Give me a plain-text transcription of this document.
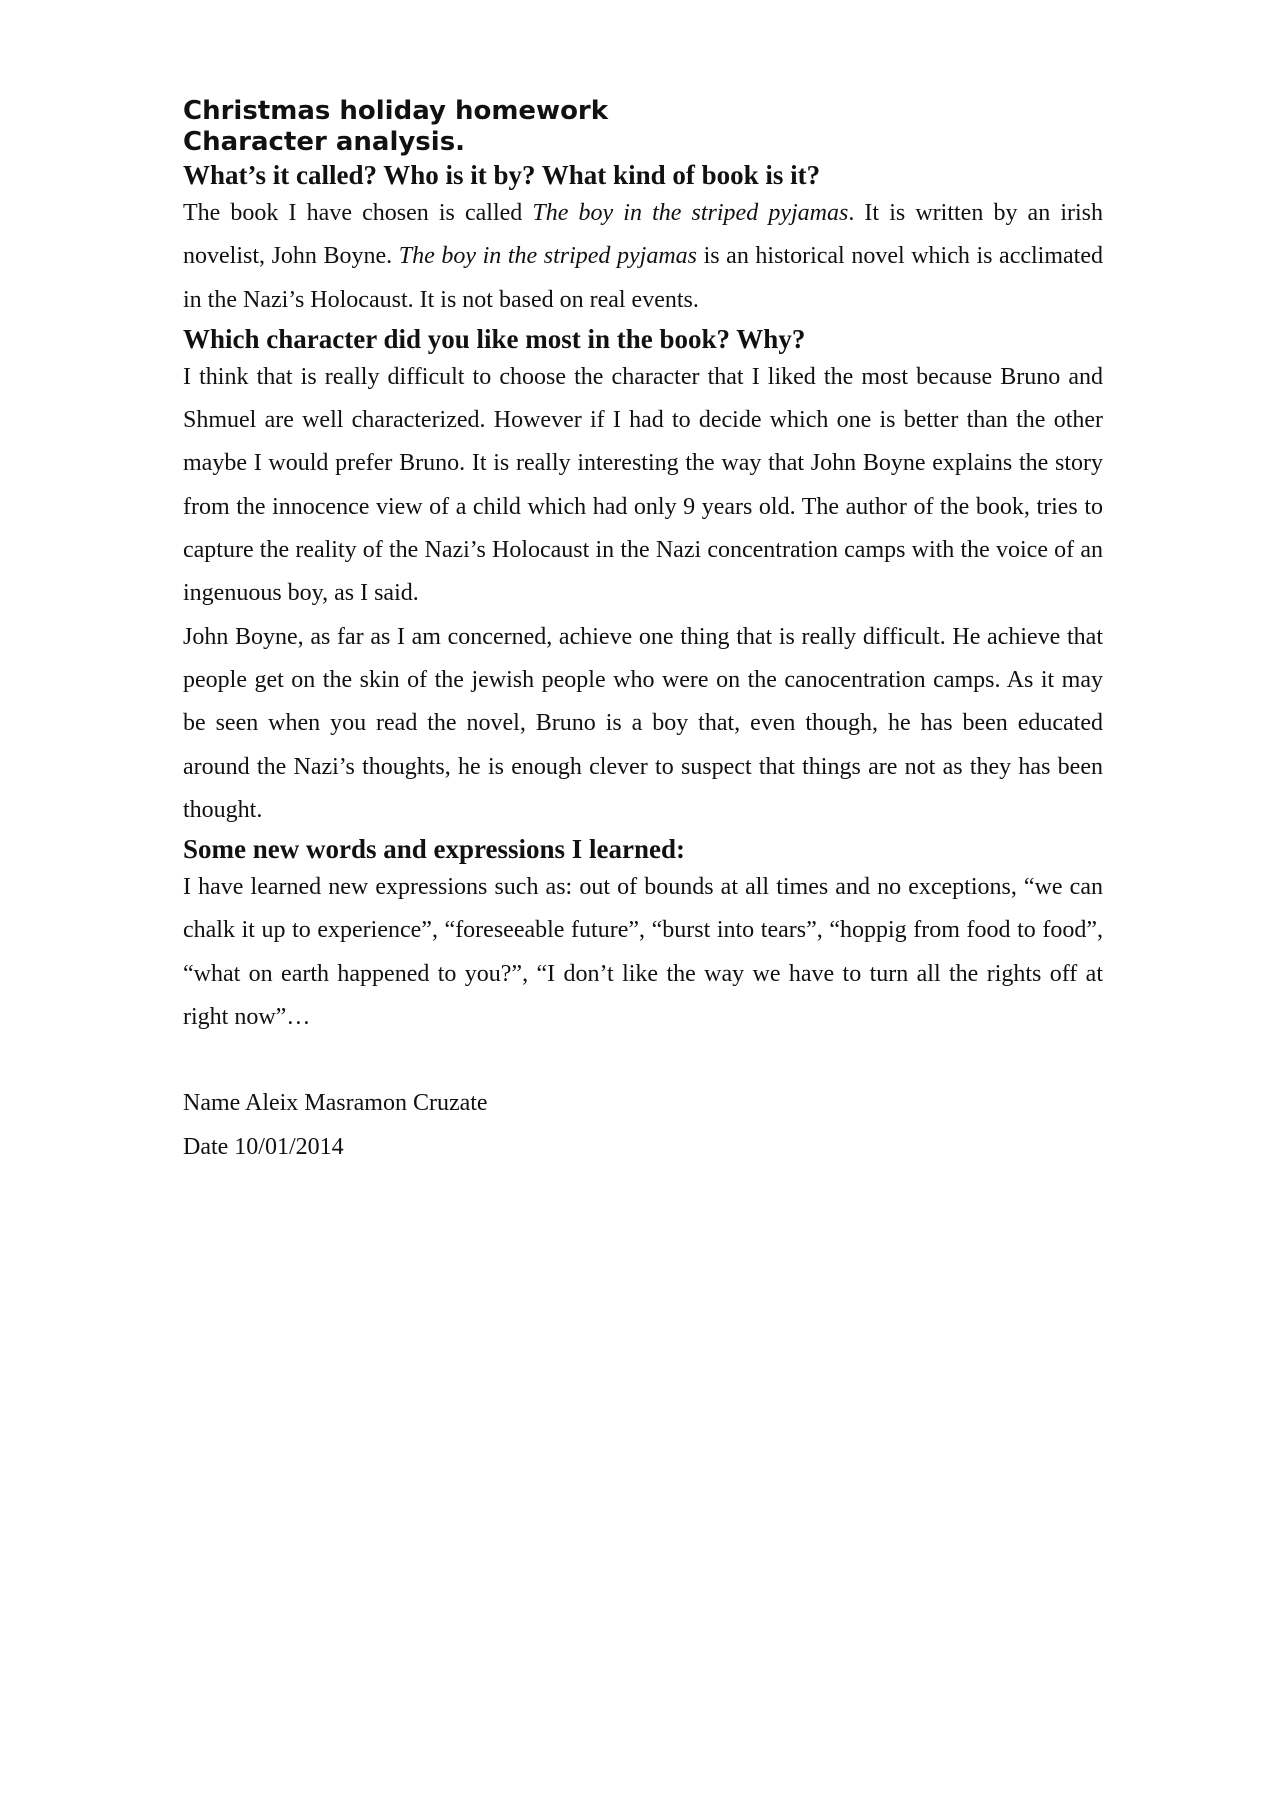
Christmas holiday homework
Character analysis.
What’s it called? Who is it by? What kind of book is it?

The book I have chosen is called The boy in the striped pyjamas. It is written by an irish novelist, John Boyne. The boy in the striped pyjamas is an historical novel which is acclimated in the Nazi’s Holocaust. It is not based on real events.

Which character did you like most in the book? Why?

I think that is really difficult to choose the character that I liked the most because Bruno and Shmuel are well characterized. However if I had to decide which one is better than the other maybe I would prefer Bruno. It is really interesting the way that John Boyne explains the story from the innocence view of a child which had only 9 years old. The author of the book, tries to capture the reality of the Nazi’s Holocaust in the Nazi concentration camps with the voice of an ingenuous boy, as I said.

John Boyne, as far as I am concerned, achieve one thing that is really difficult. He achieve that people get on the skin of the jewish people who were on the canocentration camps. As it may be seen when you read the novel, Bruno is a boy that, even though, he has been educated around the Nazi’s thoughts, he is enough clever to suspect that things are not as they has been thought.

Some new words and expressions I learned:

I have learned new expressions such as: out of bounds at all times and no exceptions, “we can chalk it up to experience”, “foreseeable future”, “burst into tears”, “hoppig from food to food”, “what on earth happened to you?”, “I don’t like the way we have to turn all the rights off at right now”…

Name Aleix Masramon Cruzate
Date 10/01/2014
